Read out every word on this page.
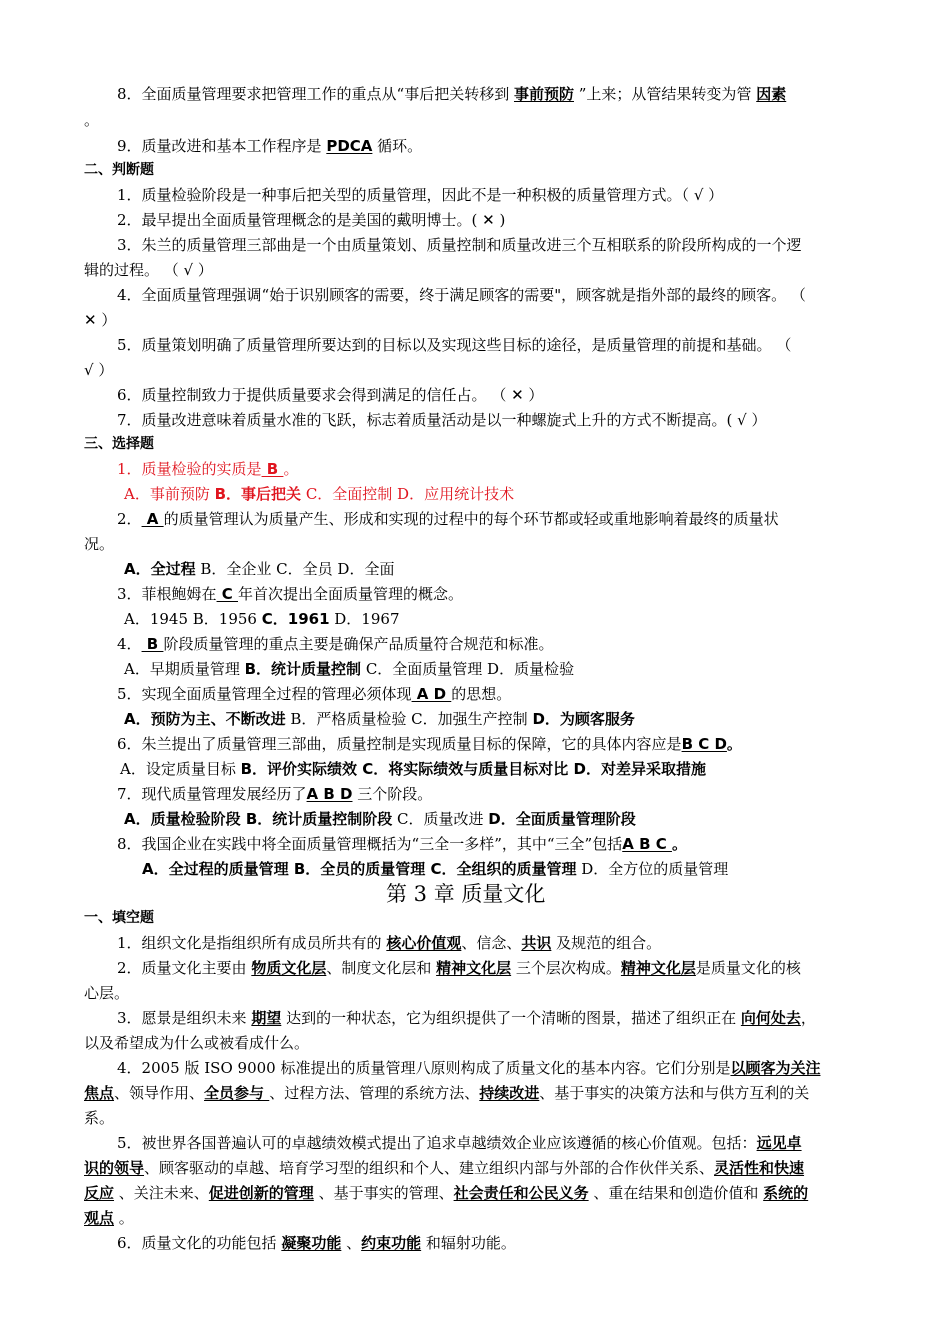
8．全面质量管理要求把管理工作的重点从“事后把关转移到 事前预防 ”上来；从管结果转变为管 因素
。
9．质量改进和基本工作程序是 PDCA 循环。
二、判断题
1．质量检验阶段是一种事后把关型的质量管理，因此不是一种积极的质量管理方式。（ √ ）
2．最早提出全面质量管理概念的是美国的戴明博士。( ✕ )
3．朱兰的质量管理三部曲是一个由质量策划、质量控制和质量改进三个互相联系的阶段所构成的一个逻
辑的过程。 （ √ ）
4．全面质量管理强调“始于识别顾客的需要，终于满足顾客的需要"，顾客就是指外部的最终的顾客。 （
✕ ）
5．质量策划明确了质量管理所要达到的目标以及实现这些目标的途径，是质量管理的前提和基础。 （
√ ）
6．质量控制致力于提供质量要求会得到满足的信任占。 （ ✕ ）
7．质量改进意味着质量水准的飞跃，标志着质量活动是以一种螺旋式上升的方式不断提高。( √ ）
三、选择题
1．质量检验的实质是 B 。
A．事前预防 B．事后把关 C．全面控制 D．应用统计技术
2． A 的质量管理认为质量产生、形成和实现的过程中的每个环节都或轻或重地影响着最终的质量状
况。
A．全过程 B．全企业 C．全员 D．全面
3．菲根鲍姆在 C 年首次提出全面质量管理的概念。
A．1945 B．1956 C．1961 D．1967
4． B 阶段质量管理的重点主要是确保产品质量符合规范和标准。
A．早期质量管理 B．统计质量控制 C．全面质量管理 D．质量检验
5．实现全面质量管理全过程的管理必须体现 A D 的思想。
A．预防为主、不断改进 B．严格质量检验 C．加强生产控制 D．为顾客服务
6．朱兰提出了质量管理三部曲，质量控制是实现质量目标的保障，它的具体内容应是B C D。
A．设定质量目标 B．评价实际绩效 C．将实际绩效与质量目标对比 D．对差异采取措施
7．现代质量管理发展经历了A B D 三个阶段。
A．质量检验阶段 B．统计质量控制阶段 C．质量改进 D．全面质量管理阶段
8．我国企业在实践中将全面质量管理概括为“三全一多样”，其中“三全”包括A B C 。
A．全过程的质量管理 B．全员的质量管理 C．全组织的质量管理 D．全方位的质量管理
第 3 章 质量文化
一、填空题
1．组织文化是指组织所有成员所共有的 核心价值观、信念、共识 及规范的组合。
2．质量文化主要由 物质文化层、制度文化层和 精神文化层 三个层次构成。精神文化层是质量文化的核
心层。
3．愿景是组织未来 期望 达到的一种状态，它为组织提供了一个清晰的图景，描述了组织正在 向何处去，
以及希望成为什么或被看成什么。
4．2005 版 ISO 9000 标准提出的质量管理八原则构成了质量文化的基本内容。它们分别是以顾客为关注
焦点、领导作用、全员参与 、过程方法、管理的系统方法、持续改进、基于事实的决策方法和与供方互利的关
系。
5．被世界各国普遍认可的卓越绩效模式提出了追求卓越绩效企业应该遵循的核心价值观。包括：远见卓
识的领导、顾客驱动的卓越、培育学习型的组织和个人、建立组织内部与外部的合作伙伴关系、灵活性和快速
反应 、关注未来、促进创新的管理 、基于事实的管理、社会责任和公民义务 、重在结果和创造价值和 系统的
观点 。
6．质量文化的功能包括 凝聚功能 、约束功能 和辐射功能。
